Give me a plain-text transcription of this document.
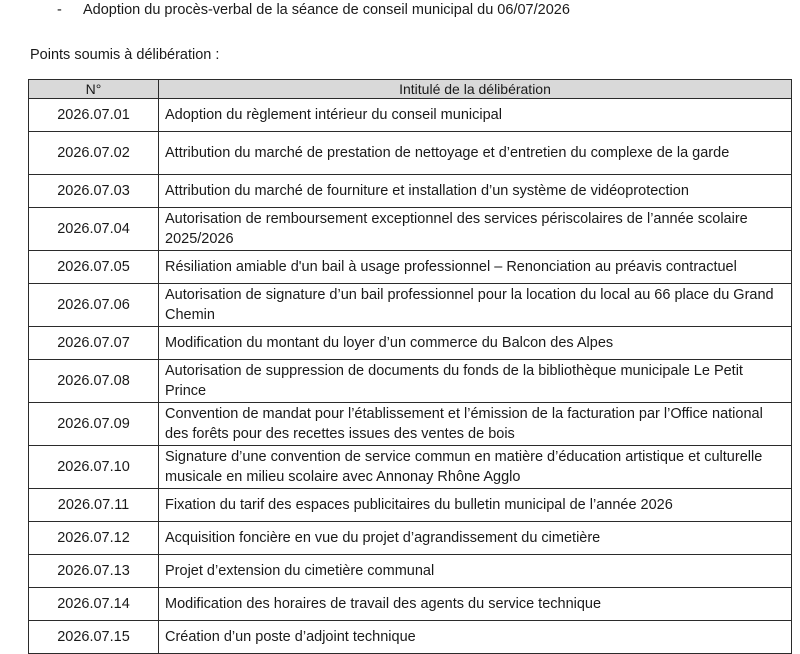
- Adoption du procès-verbal de la séance de conseil municipal du 06/07/2026
Points soumis à délibération :
N°	Intitulé de la délibération
2026.07.01	Adoption du règlement intérieur du conseil municipal
2026.07.02	Attribution du marché de prestation de nettoyage et d’entretien du complexe de la garde
2026.07.03	Attribution du marché de fourniture et installation d’un système de vidéoprotection
2026.07.04	Autorisation de remboursement exceptionnel des services périscolaires de l’année scolaire 2025/2026
2026.07.05	Résiliation amiable d'un bail à usage professionnel – Renonciation au préavis contractuel
2026.07.06	Autorisation de signature d’un bail professionnel pour la location du local au 66 place du Grand Chemin
2026.07.07	Modification du montant du loyer d’un commerce du Balcon des Alpes
2026.07.08	Autorisation de suppression de documents du fonds de la bibliothèque municipale Le Petit Prince
2026.07.09	Convention de mandat pour l’établissement et l’émission de la facturation par l’Office national des forêts pour des recettes issues des ventes de bois
2026.07.10	Signature d’une convention de service commun en matière d’éducation artistique et culturelle musicale en milieu scolaire avec Annonay Rhône Agglo
2026.07.11	Fixation du tarif des espaces publicitaires du bulletin municipal de l’année 2026
2026.07.12	Acquisition foncière en vue du projet d’agrandissement du cimetière
2026.07.13	Projet d’extension du cimetière communal
2026.07.14	Modification des horaires de travail des agents du service technique
2026.07.15	Création d’un poste d’adjoint technique
